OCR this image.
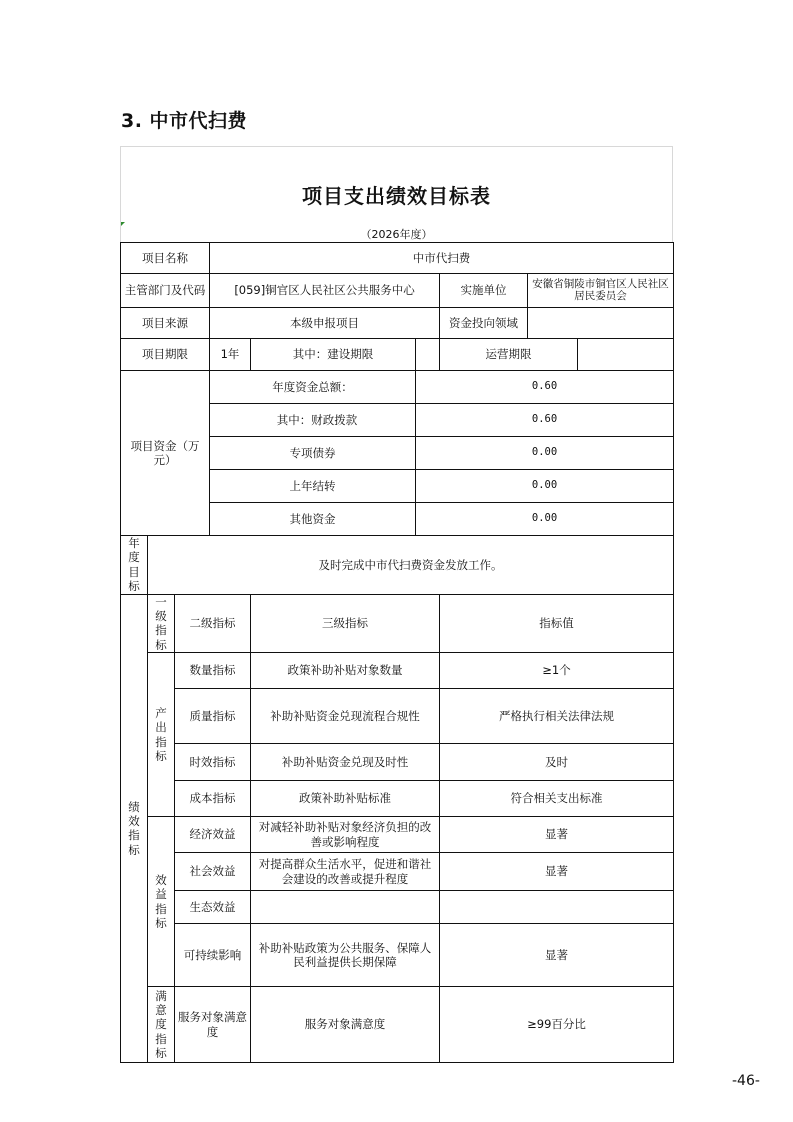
3. 中市代扫费
项目支出绩效目标表
（2026年度）
项目名称			中市代扫费					
主管部门及代码			[059]铜官区人民社区公共服务中心			实施单位	安徽省铜陵市铜官区人民社区居民委员会	
项目来源			本级申报项目			资金投向领域		
项目期限			1年	其中：建设期限		运营期限		
项目资金（万元）			年度资金总额：		0.60			
			其中：财政拨款		0.60			
			专项债券		0.00			
			上年结转		0.00			
			其他资金		0.00			
年度目标	及时完成中市代扫费资金发放工作。							
绩效指标	一级指标	二级指标		三级指标		指标值		
	产出指标	数量指标		政策补助补贴对象数量		≥1个		
		质量指标		补助补贴资金兑现流程合规性		严格执行相关法律法规		
		时效指标		补助补贴资金兑现及时性		及时		
		成本指标		政策补助补贴标准		符合相关支出标准		
	效益指标	经济效益		对减轻补助补贴对象经济负担的改善或影响程度		显著		
		社会效益		对提高群众生活水平，促进和谐社会建设的改善或提升程度		显著		
		生态效益						
		可持续影响		补助补贴政策为公共服务、保障人民利益提供长期保障		显著		
	满意度指标	服务对象满意度		服务对象满意度		≥99百分比		
-46-
